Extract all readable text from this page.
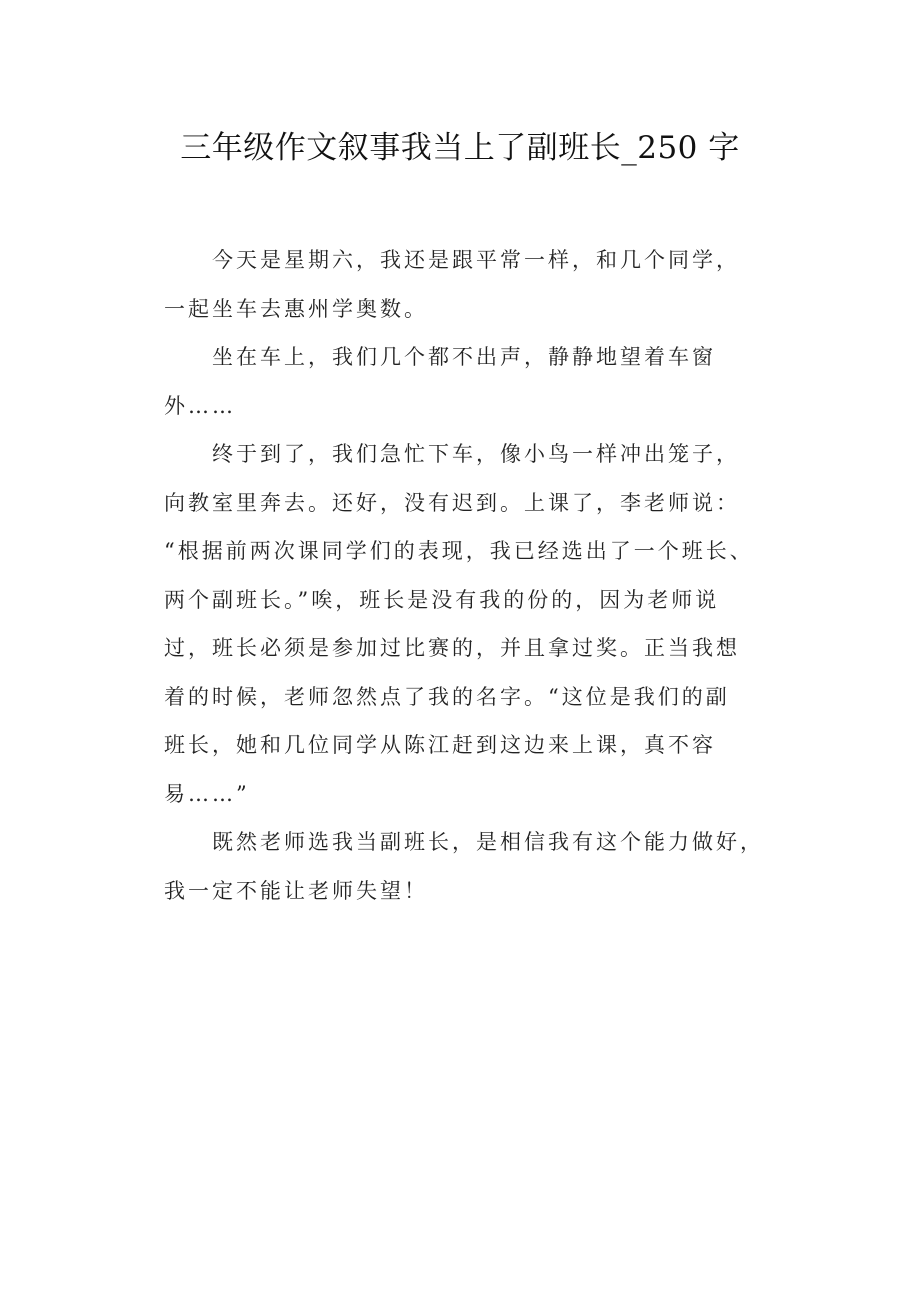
三年级作文叙事我当上了副班长_250 字

今天是星期六，我还是跟平常一样，和几个同学，
一起坐车去惠州学奥数。

坐在车上，我们几个都不出声，静静地望着车窗
外……

终于到了，我们急忙下车，像小鸟一样冲出笼子，
向教室里奔去。还好，没有迟到。上课了，李老师说：
“根据前两次课同学们的表现，我已经选出了一个班长、
两个副班长。”唉，班长是没有我的份的，因为老师说
过，班长必须是参加过比赛的，并且拿过奖。正当我想
着的时候，老师忽然点了我的名字。“这位是我们的副
班长，她和几位同学从陈江赶到这边来上课，真不容
易……”

既然老师选我当副班长，是相信我有这个能力做好，
我一定不能让老师失望！
